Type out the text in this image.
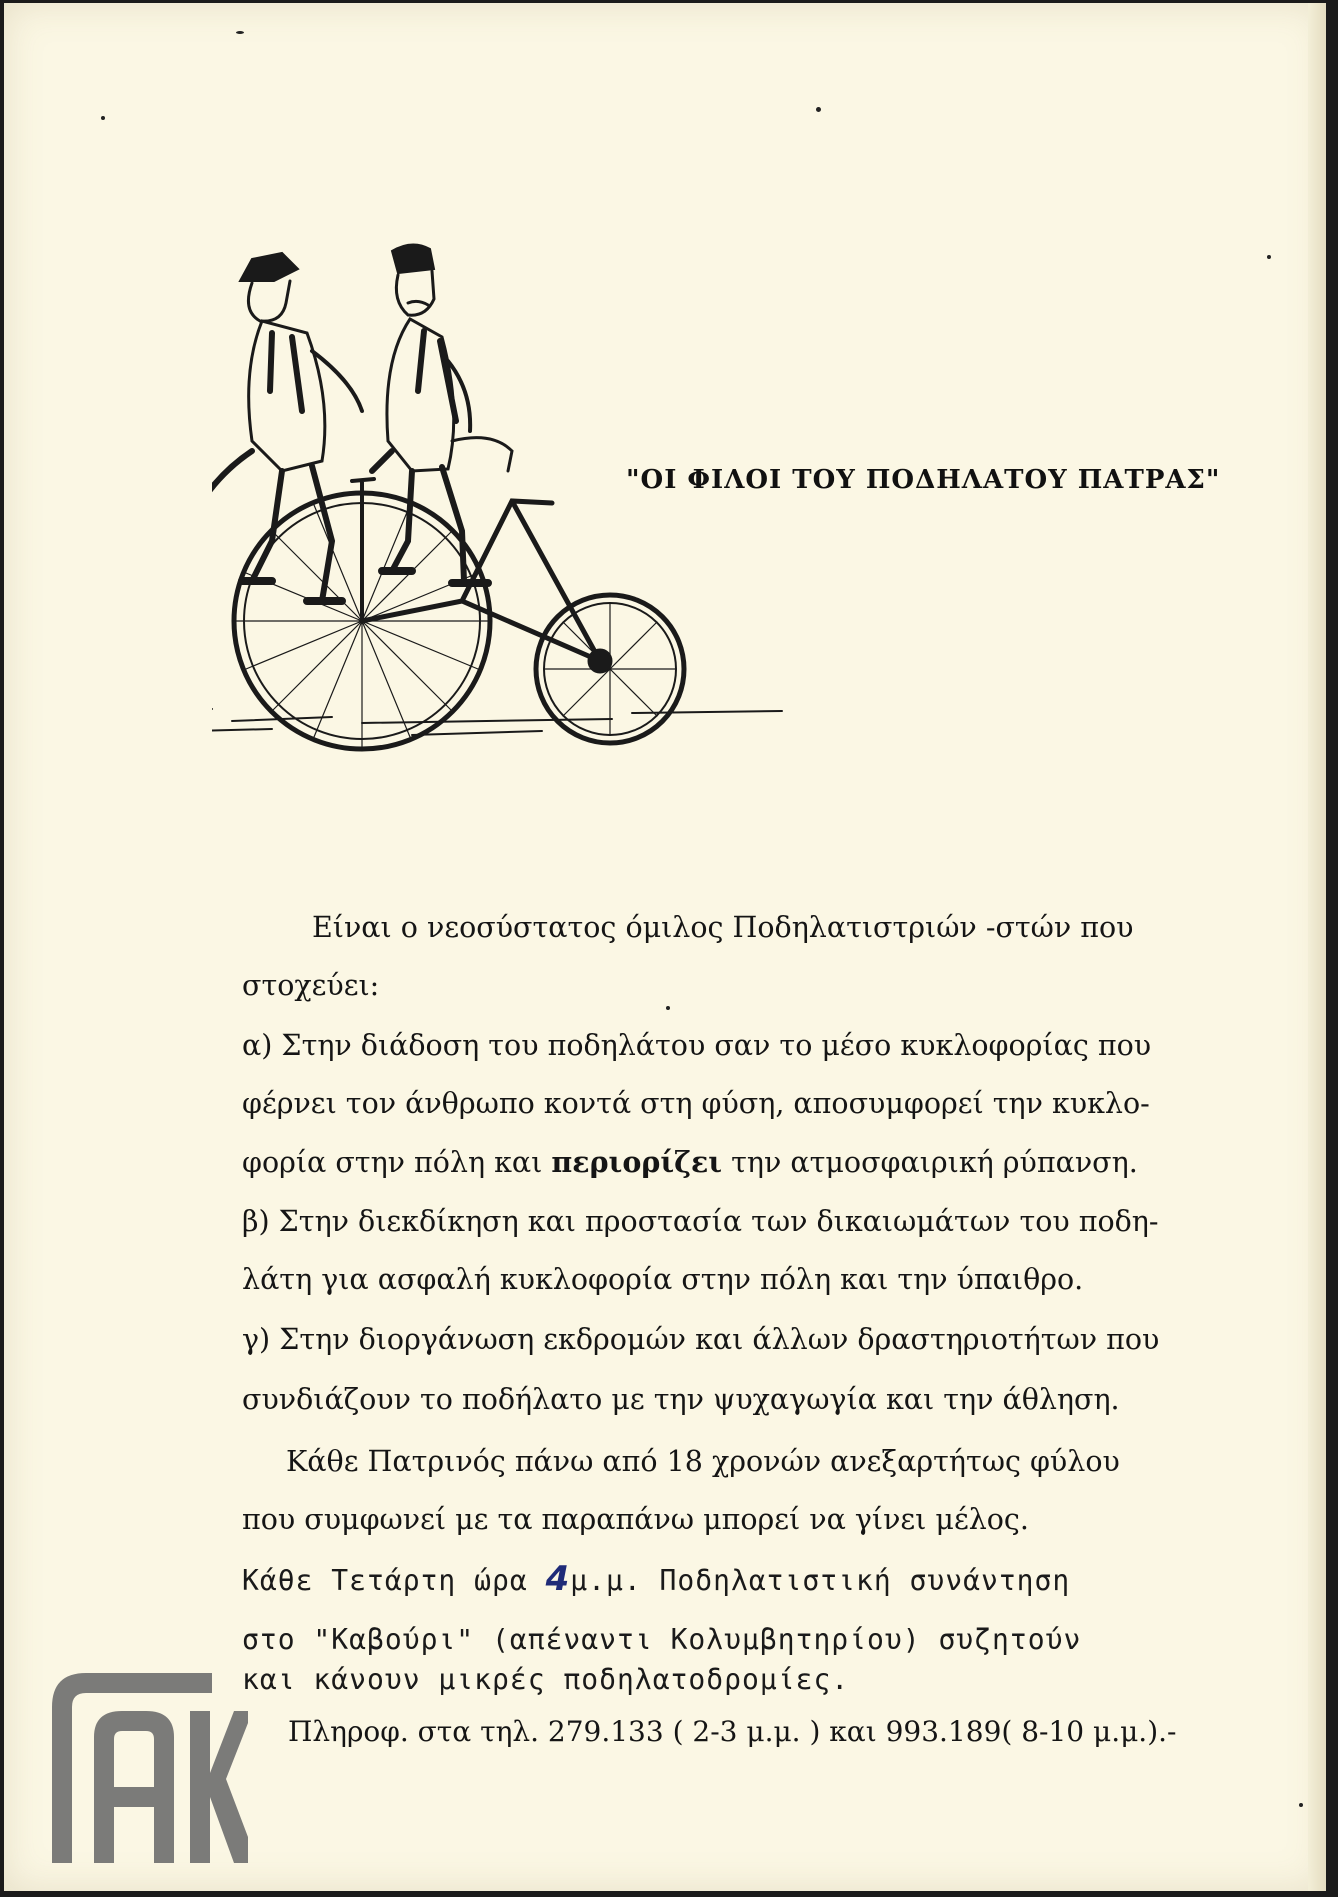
"ΟΙ ΦΙΛΟΙ ΤΟΥ ΠΟΔΗΛΑΤΟΥ ΠΑΤΡΑΣ"
Είναι ο νεοσύστατος όμιλος Ποδηλατιστριών -στών που
στοχεύει:
α) Στην διάδοση του ποδηλάτου σαν το μέσο κυκλοφορίας που
φέρνει τον άνθρωπο κοντά στη φύση, αποσυμφορεί την κυκλο-
φορία στην πόλη και περιορίζει την ατμοσφαιρική ρύπανση.
β) Στην διεκδίκηση και προστασία των δικαιωμάτων του ποδη-
λάτη για ασφαλή κυκλοφορία στην πόλη και την ύπαιθρο.
γ) Στην διοργάνωση εκδρομών και άλλων δραστηριοτήτων που
συνδιάζουν το ποδήλατο με την ψυχαγωγία και την άθληση.
Κάθε Πατρινός πάνω από 18 χρονών ανεξαρτήτως φύλου
που συμφωνεί με τα παραπάνω μπορεί να γίνει μέλος.
Κάθε Τετάρτη ώρα 4μ.μ. Ποδηλατιστική συνάντηση
στο "Καβούρι" (απέναντι Κολυμβητηρίου) συζητούν
και κάνουν μικρές ποδηλατοδρομίες.
Πληροφ. στα τηλ. 279.133 ( 2-3 μ.μ. ) και 993.189( 8-10 μ.μ.).-
